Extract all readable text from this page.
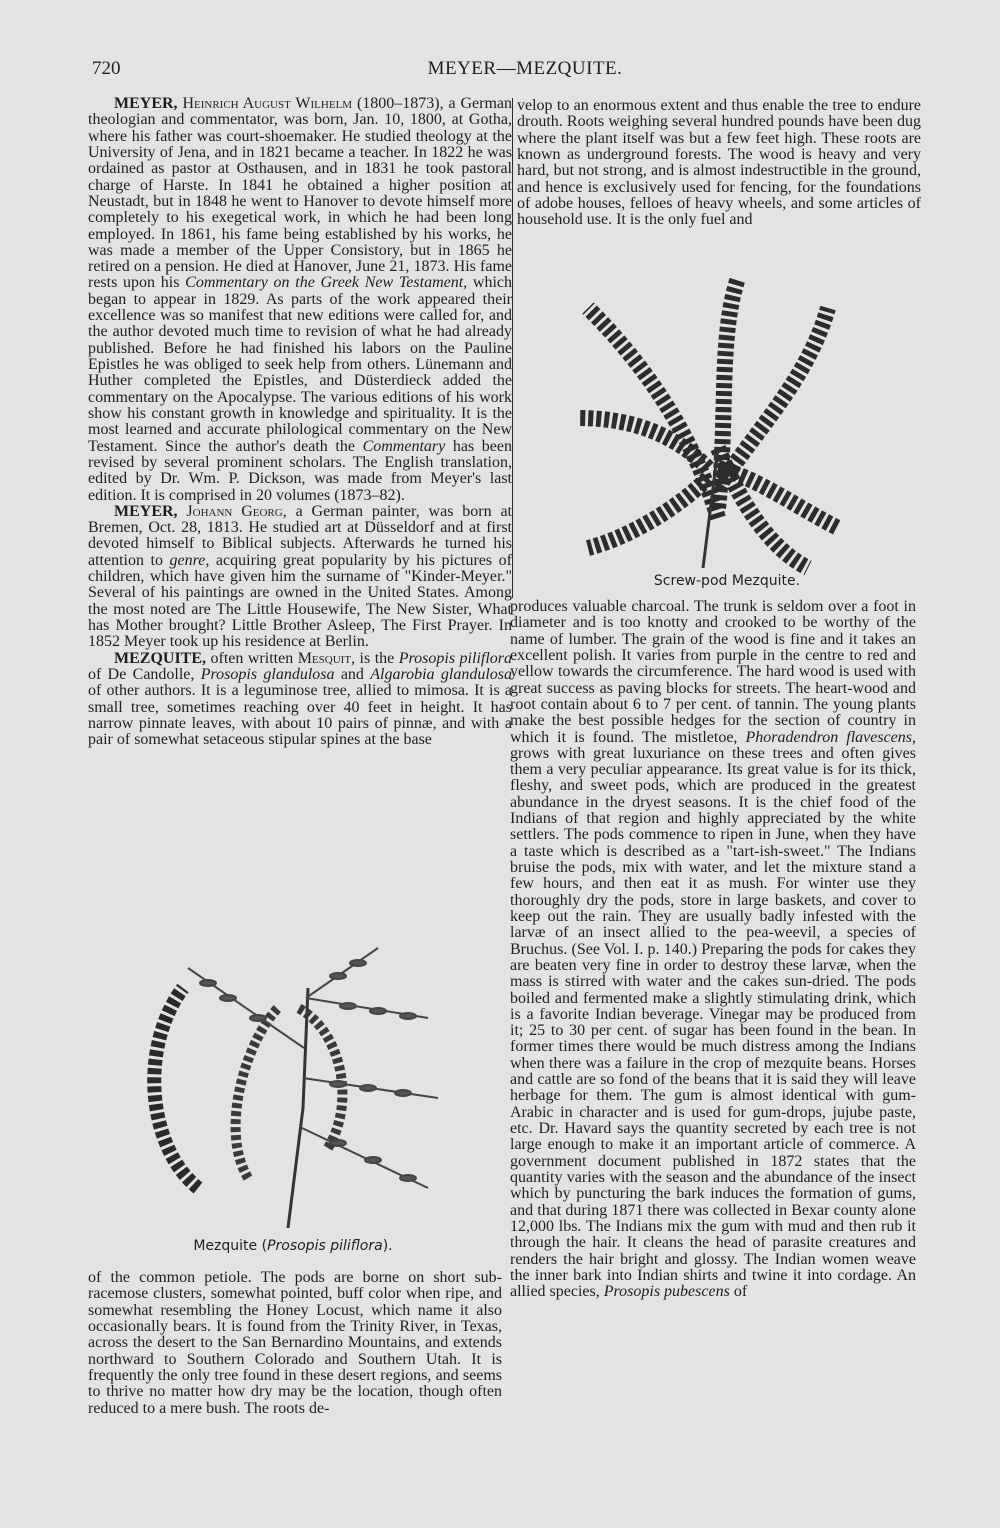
720	MEYER—MEZQUITE.

MEYER, Heinrich August Wilhelm (1800–1873), a German theologian and commentator, was born, Jan. 10, 1800, at Gotha, where his father was court-shoemaker. He studied theology at the University of Jena, and in 1821 became a teacher. In 1822 he was ordained as pastor at Osthausen, and in 1831 he took pastoral charge of Harste. In 1841 he obtained a higher position at Neustadt, but in 1848 he went to Hanover to devote himself more completely to his exegetical work, in which he had been long employed. In 1861, his fame being established by his works, he was made a member of the Upper Consistory, but in 1865 he retired on a pension. He died at Hanover, June 21, 1873. His fame rests upon his Commentary on the Greek New Testament, which began to appear in 1829. As parts of the work appeared their excellence was so manifest that new editions were called for, and the author devoted much time to revision of what he had already published. Before he had finished his labors on the Pauline Epistles he was obliged to seek help from others. Lünemann and Huther completed the Epistles, and Düsterdieck added the commentary on the Apocalypse. The various editions of his work show his constant growth in knowledge and spirituality. It is the most learned and accurate philological commentary on the New Testament. Since the author's death the Commentary has been revised by several prominent scholars. The English translation, edited by Dr. Wm. P. Dickson, was made from Meyer's last edition. It is comprised in 20 volumes (1873–82).

MEYER, Johann Georg, a German painter, was born at Bremen, Oct. 28, 1813. He studied art at Düsseldorf and at first devoted himself to Biblical subjects. Afterwards he turned his attention to genre, acquiring great popularity by his pictures of children, which have given him the surname of "Kinder-Meyer." Several of his paintings are owned in the United States. Among the most noted are The Little Housewife, The New Sister, What has Mother brought? Little Brother Asleep, The First Prayer. In 1852 Meyer took up his residence at Berlin.

MEZQUITE, often written Mesquit, is the Prosopis piliflora of De Candolle, Prosopis glandulosa and Algarobia glandulosa of other authors. It is a leguminose tree, allied to mimosa. It is a small tree, sometimes reaching over 40 feet in height. It has narrow pinnate leaves, with about 10 pairs of pinnæ, and with a pair of somewhat setaceous stipular spines at the base

Mezquite (Prosopis piliflora).

of the common petiole. The pods are borne on short sub-racemose clusters, somewhat pointed, buff color when ripe, and somewhat resembling the Honey Locust, which name it also occasionally bears. It is found from the Trinity River, in Texas, across the desert to the San Bernardino Mountains, and extends northward to Southern Colorado and Southern Utah. It is frequently the only tree found in these desert regions, and seems to thrive no matter how dry may be the location, though often reduced to a mere bush. The roots de-

velop to an enormous extent and thus enable the tree to endure drouth. Roots weighing several hundred pounds have been dug where the plant itself was but a few feet high. These roots are known as underground forests. The wood is heavy and very hard, but not strong, and is almost indestructible in the ground, and hence is exclusively used for fencing, for the foundations of adobe houses, felloes of heavy wheels, and some articles of household use. It is the only fuel and

Screw-pod Mezquite.

produces valuable charcoal. The trunk is seldom over a foot in diameter and is too knotty and crooked to be worthy of the name of lumber. The grain of the wood is fine and it takes an excellent polish. It varies from purple in the centre to red and yellow towards the circumference. The hard wood is used with great success as paving blocks for streets. The heart-wood and root contain about 6 to 7 per cent. of tannin. The young plants make the best possible hedges for the section of country in which it is found. The mistletoe, Phoradendron flavescens, grows with great luxuriance on these trees and often gives them a very peculiar appearance. Its great value is for its thick, fleshy, and sweet pods, which are produced in the greatest abundance in the dryest seasons. It is the chief food of the Indians of that region and highly appreciated by the white settlers. The pods commence to ripen in June, when they have a taste which is described as a "tart-ish-sweet." The Indians bruise the pods, mix with water, and let the mixture stand a few hours, and then eat it as mush. For winter use they thoroughly dry the pods, store in large baskets, and cover to keep out the rain. They are usually badly infested with the larvæ of an insect allied to the pea-weevil, a species of Bruchus. (See Vol. I. p. 140.) Preparing the pods for cakes they are beaten very fine in order to destroy these larvæ, when the mass is stirred with water and the cakes sun-dried. The pods boiled and fermented make a slightly stimulating drink, which is a favorite Indian beverage. Vinegar may be produced from it; 25 to 30 per cent. of sugar has been found in the bean. In former times there would be much distress among the Indians when there was a failure in the crop of mezquite beans. Horses and cattle are so fond of the beans that it is said they will leave herbage for them. The gum is almost identical with gum-Arabic in character and is used for gum-drops, jujube paste, etc. Dr. Havard says the quantity secreted by each tree is not large enough to make it an important article of commerce. A government document published in 1872 states that the quantity varies with the season and the abundance of the insect which by puncturing the bark induces the formation of gums, and that during 1871 there was collected in Bexar county alone 12,000 lbs. The Indians mix the gum with mud and then rub it through the hair. It cleans the head of parasite creatures and renders the hair bright and glossy. The Indian women weave the inner bark into Indian shirts and twine it into cordage. An allied species, Prosopis pubescens of
